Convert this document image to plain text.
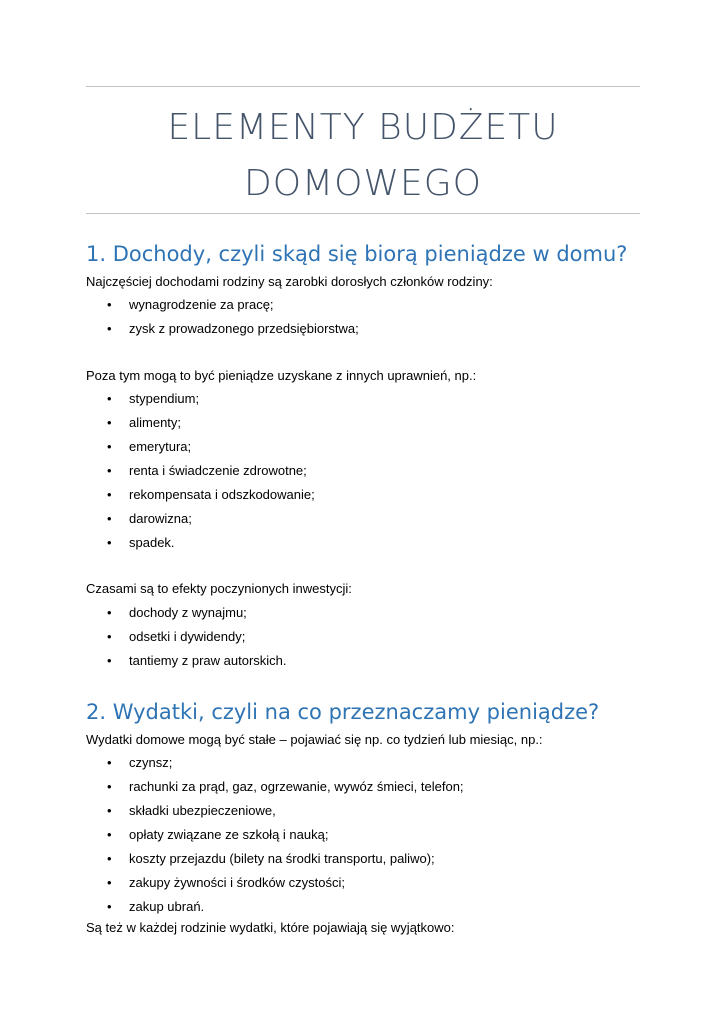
ELEMENTY BUDŻETU
DOMOWEGO
1. Dochody, czyli skąd się biorą pieniądze w domu?
Najczęściej dochodami rodziny są zarobki dorosłych członków rodziny:
• wynagrodzenie za pracę;
• zysk z prowadzonego przedsiębiorstwa;
Poza tym mogą to być pieniądze uzyskane z innych uprawnień, np.:
• stypendium;
• alimenty;
• emerytura;
• renta i świadczenie zdrowotne;
• rekompensata i odszkodowanie;
• darowizna;
• spadek.
Czasami są to efekty poczynionych inwestycji:
• dochody z wynajmu;
• odsetki i dywidendy;
• tantiemy z praw autorskich.
2. Wydatki, czyli na co przeznaczamy pieniądze?
Wydatki domowe mogą być stałe – pojawiać się np. co tydzień lub miesiąc, np.:
• czynsz;
• rachunki za prąd, gaz, ogrzewanie, wywóz śmieci, telefon;
• składki ubezpieczeniowe,
• opłaty związane ze szkołą i nauką;
• koszty przejazdu (bilety na środki transportu, paliwo);
• zakupy żywności i środków czystości;
• zakup ubrań.
Są też w każdej rodzinie wydatki, które pojawiają się wyjątkowo:
